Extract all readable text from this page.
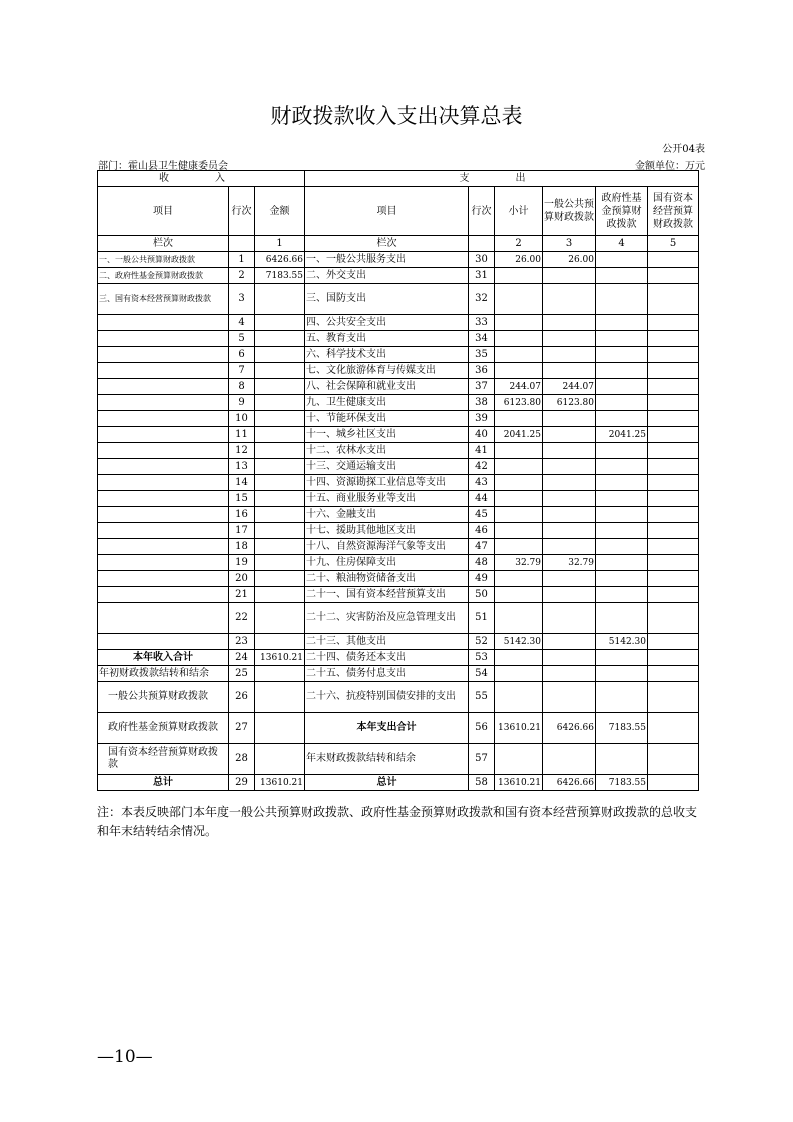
财政拨款收入支出决算总表
公开04表
部门：霍山县卫生健康委员会	金额单位：万元
收　入			支　出					
项目	行次	金额	项目	行次	小计	一般公共预算财政拨款	政府性基金预算财政拨款	国有资本经营预算财政拨款
栏次		1	栏次		2	3	4	5
一、一般公共预算财政拨款	1	6426.66	一、一般公共服务支出	30	26.00	26.00		
二、政府性基金预算财政拨款	2	7183.55	二、外交支出	31				
三、国有资本经营预算财政拨款	3		三、国防支出	32				
	4		四、公共安全支出	33				
	5		五、教育支出	34				
	6		六、科学技术支出	35				
	7		七、文化旅游体育与传媒支出	36				
	8		八、社会保障和就业支出	37	244.07	244.07		
	9		九、卫生健康支出	38	6123.80	6123.80		
	10		十、节能环保支出	39				
	11		十一、城乡社区支出	40	2041.25		2041.25	
	12		十二、农林水支出	41				
	13		十三、交通运输支出	42				
	14		十四、资源勘探工业信息等支出	43				
	15		十五、商业服务业等支出	44				
	16		十六、金融支出	45				
	17		十七、援助其他地区支出	46				
	18		十八、自然资源海洋气象等支出	47				
	19		十九、住房保障支出	48	32.79	32.79		
	20		二十、粮油物资储备支出	49				
	21		二十一、国有资本经营预算支出	50				
	22		二十二、灾害防治及应急管理支出	51				
	23		二十三、其他支出	52	5142.30		5142.30	
本年收入合计	24	13610.21	二十四、债务还本支出	53				
年初财政拨款结转和结余	25		二十五、债务付息支出	54				
一般公共预算财政拨款	26		二十六、抗疫特别国债安排的支出	55				
政府性基金预算财政拨款	27		本年支出合计	56	13610.21	6426.66	7183.55	
国有资本经营预算财政拨款	28		年末财政拨款结转和结余	57				
总计	29	13610.21	总计	58	13610.21	6426.66	7183.55	
注：本表反映部门本年度一般公共预算财政拨款、政府性基金预算财政拨款和国有资本经营预算财政拨款的总收支和年末结转结余情况。
—10—
